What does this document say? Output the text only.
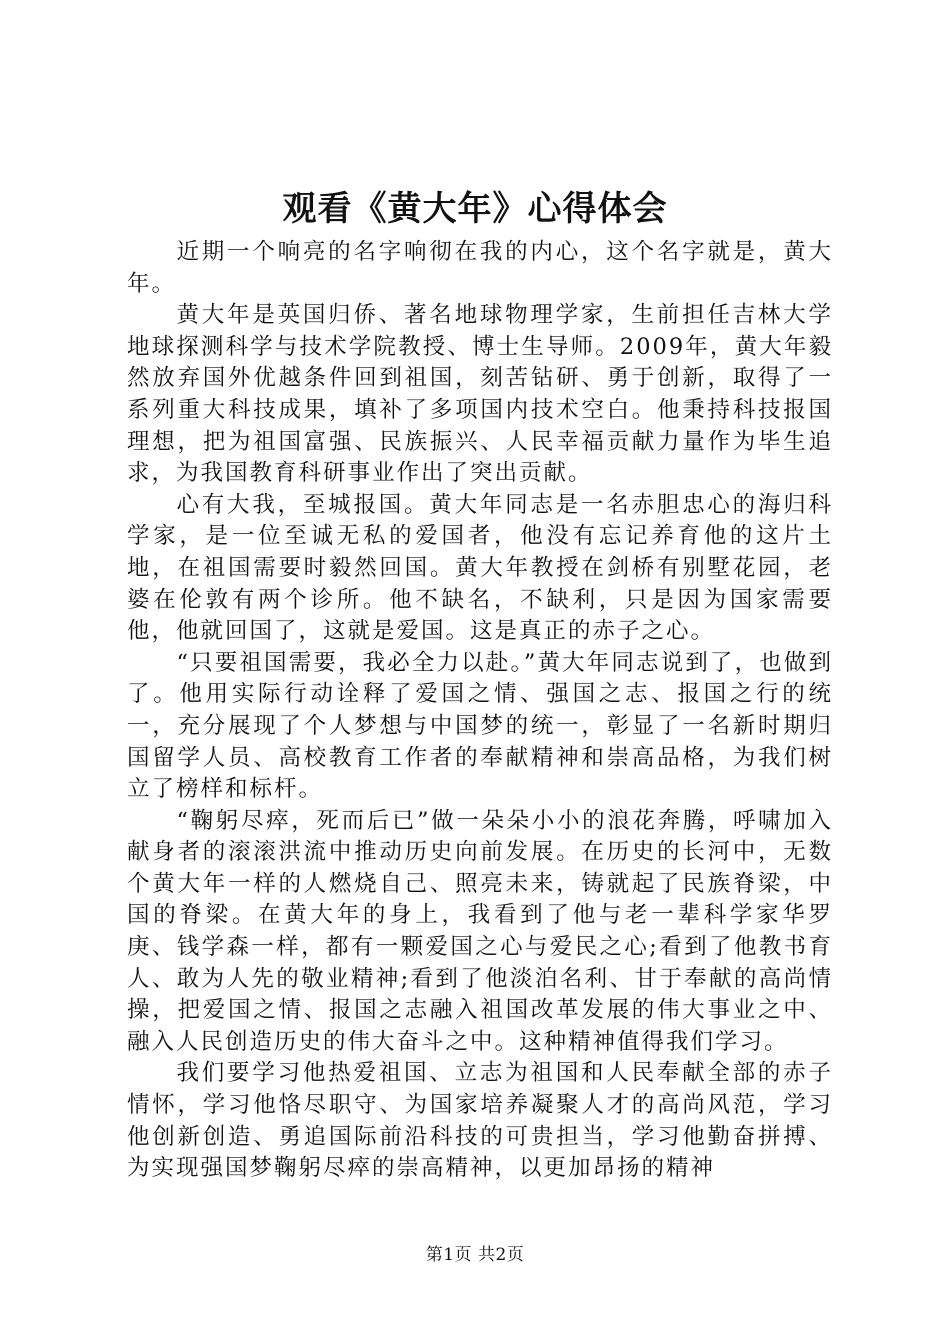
观看《黄大年》心得体会

近期一个响亮的名字响彻在我的内心，这个名字就是，黄大年。

黄大年是英国归侨、著名地球物理学家，生前担任吉林大学地球探测科学与技术学院教授、博士生导师。2009年，黄大年毅然放弃国外优越条件回到祖国，刻苦钻研、勇于创新，取得了一系列重大科技成果，填补了多项国内技术空白。他秉持科技报国理想，把为祖国富强、民族振兴、人民幸福贡献力量作为毕生追求，为我国教育科研事业作出了突出贡献。

心有大我，至城报国。黄大年同志是一名赤胆忠心的海归科学家，是一位至诚无私的爱国者，他没有忘记养育他的这片土地，在祖国需要时毅然回国。黄大年教授在剑桥有别墅花园，老婆在伦敦有两个诊所。他不缺名，不缺利，只是因为国家需要他，他就回国了，这就是爱国。这是真正的赤子之心。

“只要祖国需要，我必全力以赴。”黄大年同志说到了，也做到了。他用实际行动诠释了爱国之情、强国之志、报国之行的统一，充分展现了个人梦想与中国梦的统一，彰显了一名新时期归国留学人员、高校教育工作者的奉献精神和崇高品格，为我们树立了榜样和标杆。

“鞠躬尽瘁，死而后已”做一朵朵小小的浪花奔腾，呼啸加入献身者的滚滚洪流中推动历史向前发展。在历史的长河中，无数个黄大年一样的人燃烧自己、照亮未来，铸就起了民族脊梁，中国的脊梁。在黄大年的身上，我看到了他与老一辈科学家华罗庚、钱学森一样，都有一颗爱国之心与爱民之心;看到了他教书育人、敢为人先的敬业精神;看到了他淡泊名利、甘于奉献的高尚情操，把爱国之情、报国之志融入祖国改革发展的伟大事业之中、融入人民创造历史的伟大奋斗之中。这种精神值得我们学习。

我们要学习他热爱祖国、立志为祖国和人民奉献全部的赤子情怀，学习他恪尽职守、为国家培养凝聚人才的高尚风范，学习他创新创造、勇追国际前沿科技的可贵担当，学习他勤奋拼搏、为实现强国梦鞠躬尽瘁的崇高精神，以更加昂扬的精神

第1页 共2页
